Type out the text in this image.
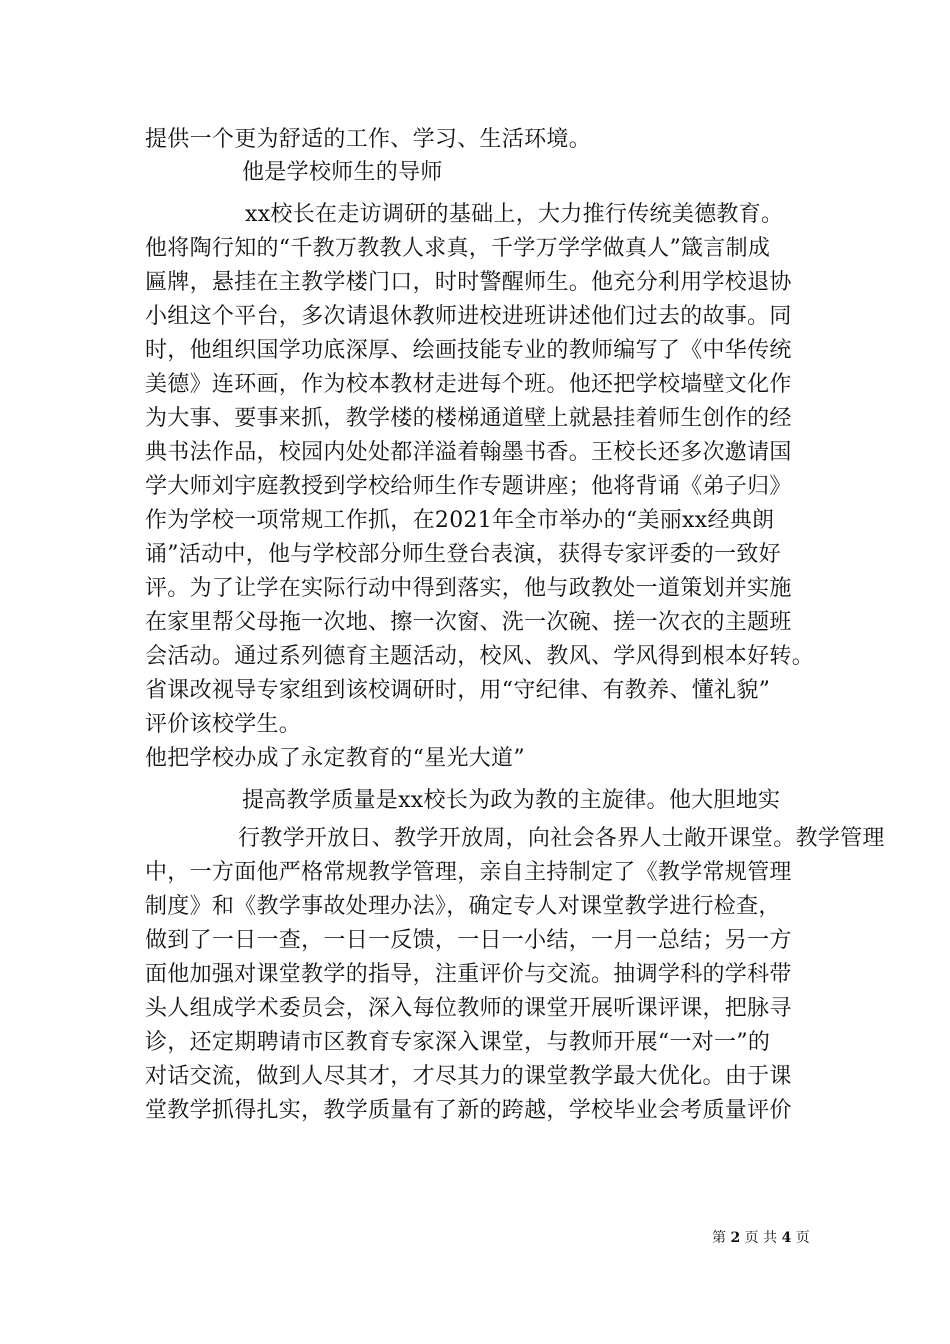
提供一个更为舒适的工作、学习、生活环境。
他是学校师生的导师
xx校长在走访调研的基础上，大力推行传统美德教育。
他将陶行知的“千教万教教人求真，千学万学学做真人”箴言制成
匾牌，悬挂在主教学楼门口，时时警醒师生。他充分利用学校退协
小组这个平台，多次请退休教师进校进班讲述他们过去的故事。同
时，他组织国学功底深厚、绘画技能专业的教师编写了《中华传统
美德》连环画，作为校本教材走进每个班。他还把学校墙壁文化作
为大事、要事来抓，教学楼的楼梯通道壁上就悬挂着师生创作的经
典书法作品，校园内处处都洋溢着翰墨书香。王校长还多次邀请国
学大师刘宇庭教授到学校给师生作专题讲座；他将背诵《弟子归》
作为学校一项常规工作抓，在2021年全市举办的“美丽xx经典朗
诵”活动中，他与学校部分师生登台表演，获得专家评委的一致好
评。为了让学在实际行动中得到落实，他与政教处一道策划并实施
在家里帮父母拖一次地、擦一次窗、洗一次碗、搓一次衣的主题班
会活动。通过系列德育主题活动，校风、教风、学风得到根本好转。
省课改视导专家组到该校调研时，用“守纪律、有教养、懂礼貌”
评价该校学生。
他把学校办成了永定教育的“星光大道”
提高教学质量是xx校长为政为教的主旋律。他大胆地实
行教学开放日、教学开放周，向社会各界人士敞开课堂。教学管理
中，一方面他严格常规教学管理，亲自主持制定了《教学常规管理
制度》和《教学事故处理办法》，确定专人对课堂教学进行检查，
做到了一日一查，一日一反馈，一日一小结，一月一总结；另一方
面他加强对课堂教学的指导，注重评价与交流。抽调学科的学科带
头人组成学术委员会，深入每位教师的课堂开展听课评课，把脉寻
诊，还定期聘请市区教育专家深入课堂，与教师开展“一对一”的
对话交流，做到人尽其才，才尽其力的课堂教学最大优化。由于课
堂教学抓得扎实，教学质量有了新的跨越，学校毕业会考质量评价
第 2 页 共 4 页
